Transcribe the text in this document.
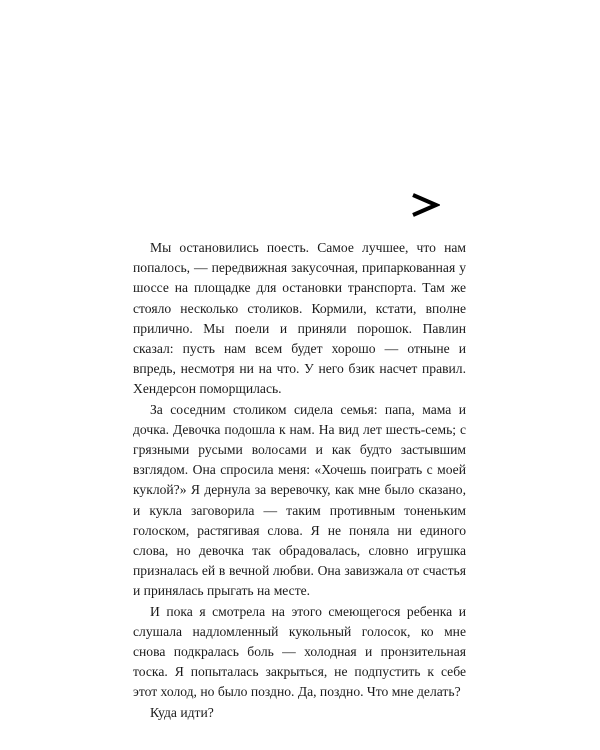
Мы остановились поесть. Самое лучшее, что нам попалось, — передвижная закусочная, припаркованная у шоссе на площадке для остановки транспорта. Там же стояло несколько столиков. Кормили, кстати, вполне прилично. Мы поели и приняли порошок. Павлин сказал: пусть нам всем будет хорошо — отныне и впредь, несмотря ни на что. У него бзик насчет правил. Хендерсон поморщилась.

За соседним столиком сидела семья: папа, мама и дочка. Девочка подошла к нам. На вид лет шесть-семь; с грязными русыми волосами и как будто застывшим взглядом. Она спросила меня: «Хочешь поиграть с моей куклой?» Я дернула за веревочку, как мне было сказано, и кукла заговорила — таким противным тоненьким голоском, растягивая слова. Я не поняла ни единого слова, но девочка так обрадовалась, словно игрушка призналась ей в вечной любви. Она завизжала от счастья и принялась прыгать на месте.

И пока я смотрела на этого смеющегося ребенка и слушала надломленный кукольный голосок, ко мне снова подкралась боль — холодная и пронзительная тоска. Я попыталась закрыться, не подпустить к себе этот холод, но было поздно. Да, поздно. Что мне делать?

Куда идти?
